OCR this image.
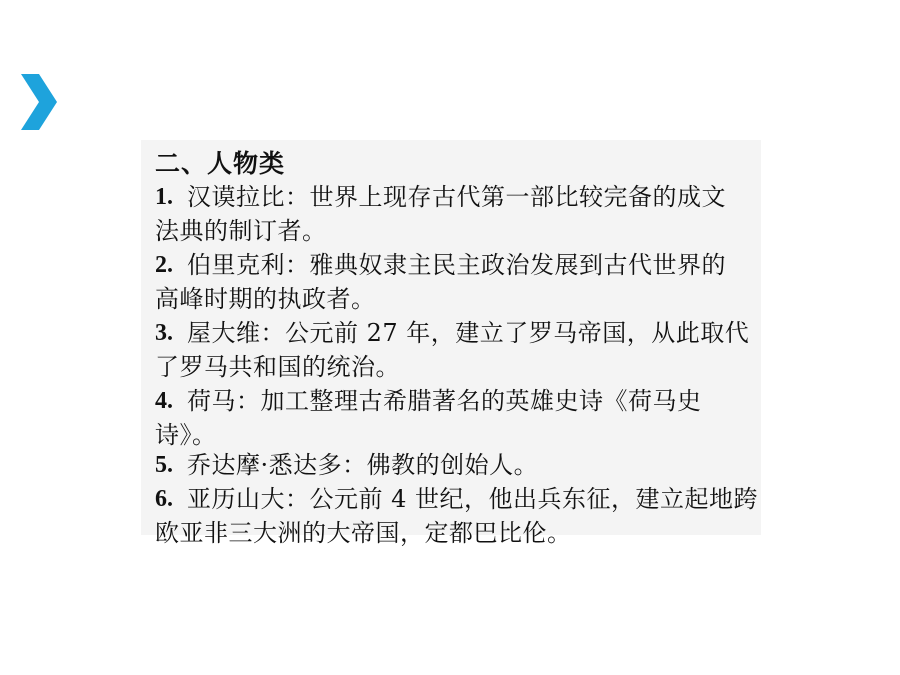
二、人物类
1. 汉谟拉比：世界上现存古代第一部比较完备的成文
法典的制订者。
2. 伯里克利：雅典奴隶主民主政治发展到古代世界的
高峰时期的执政者。
3. 屋大维：公元前 27 年，建立了罗马帝国，从此取代
了罗马共和国的统治。
4. 荷马：加工整理古希腊著名的英雄史诗《荷马史
诗》。
5. 乔达摩·悉达多：佛教的创始人。
6. 亚历山大：公元前 4 世纪，他出兵东征，建立起地跨
欧亚非三大洲的大帝国，定都巴比伦。
